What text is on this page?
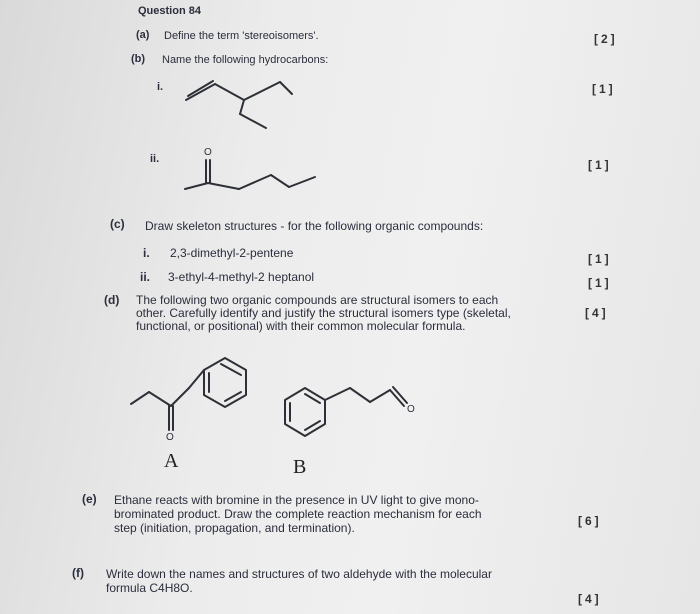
Question 84
(a) Define the term 'stereoisomers'.	[2]
(b) Name the following hydrocarbons:
i.	[1]
ii.	[1]
O
(c) Draw skeleton structures - for the following organic compounds:
i. 2,3-dimethyl-2-pentene	[1]
ii. 3-ethyl-4-methyl-2 heptanol	[1]
(d) The following two organic compounds are structural isomers to each
other. Carefully identify and justify the structural isomers type (skeletal,
functional, or positional) with their common molecular formula.
[4]
O
A
O
B
(e) Ethane reacts with bromine in the presence in UV light to give mono-
brominated product. Draw the complete reaction mechanism for each
step (initiation, propagation, and termination).	[6]
(f) Write down the names and structures of two aldehyde with the molecular
formula C4H8O.
[4]
